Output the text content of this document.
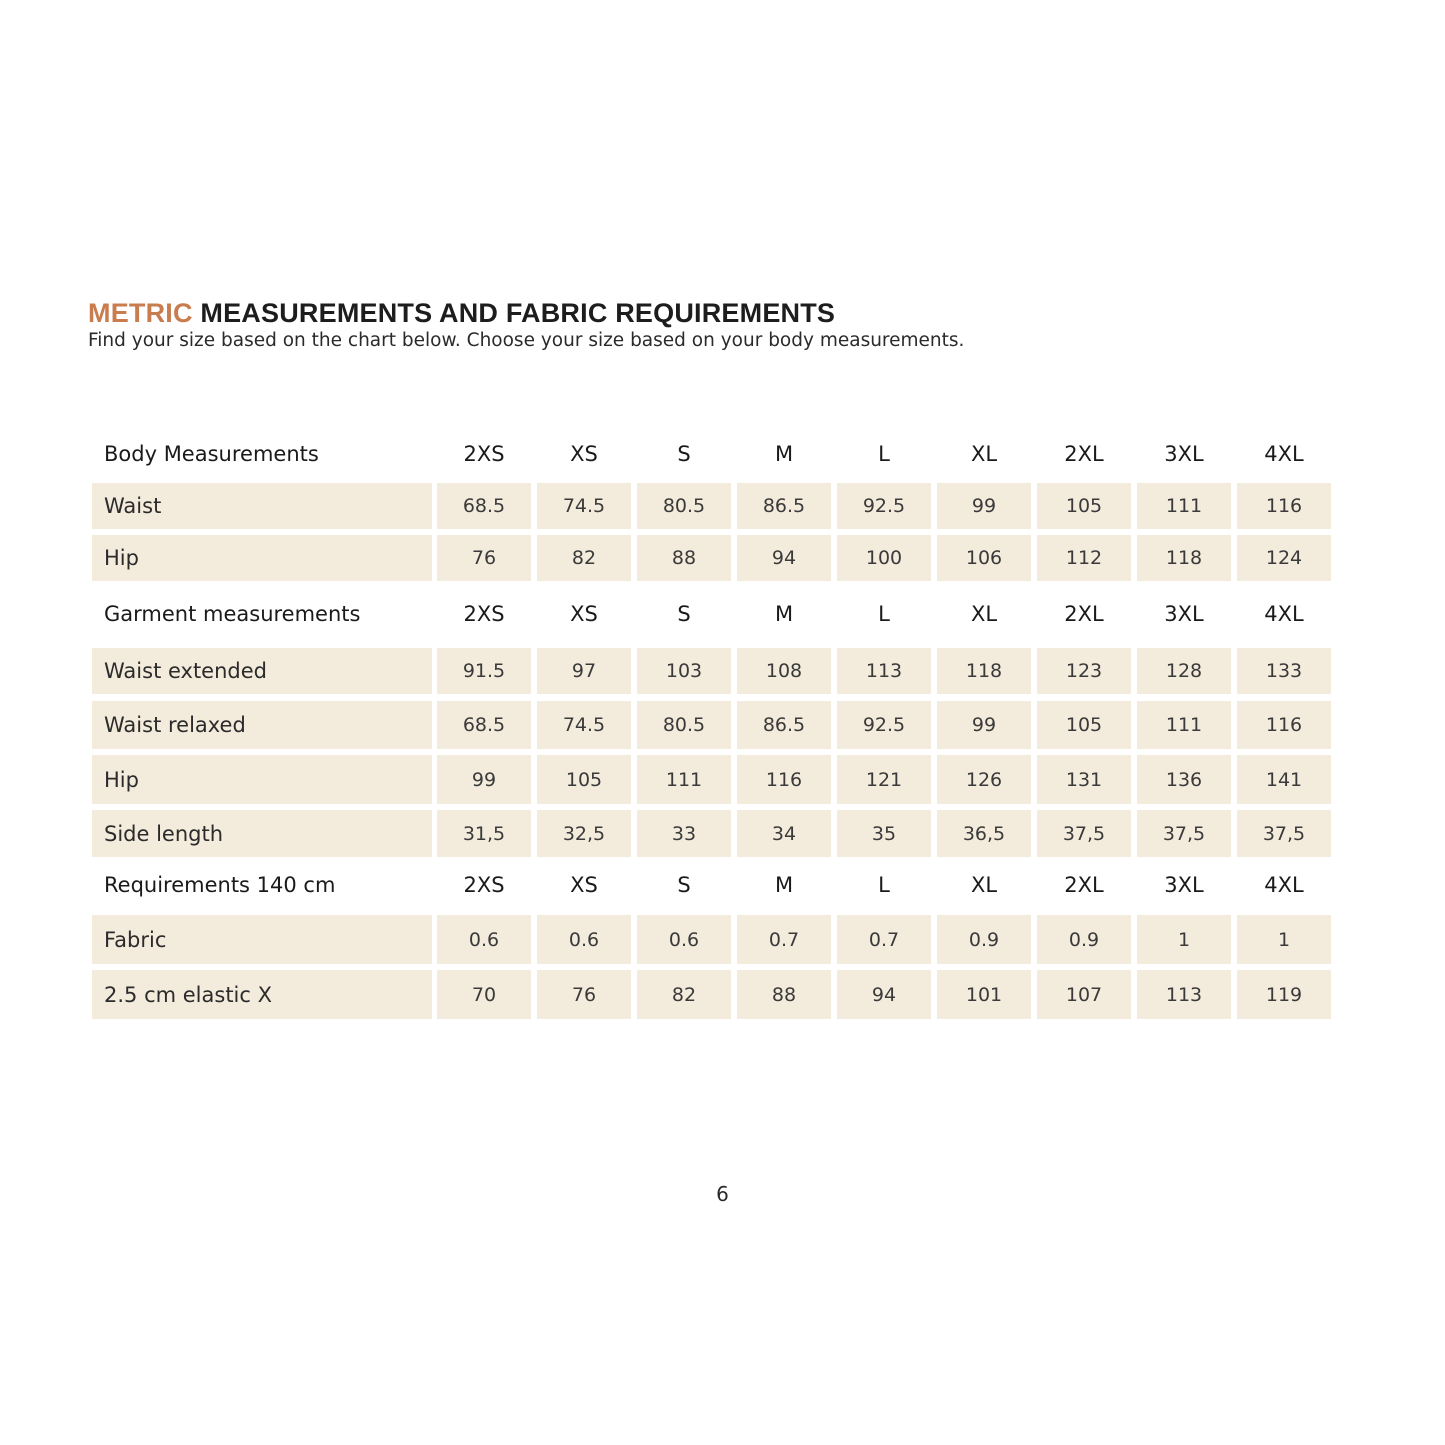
METRIC MEASUREMENTS AND FABRIC REQUIREMENTS
Find your size based on the chart below. Choose your size based on your body measurements.
Body Measurements	2XS	XS	S	M	L	XL	2XL	3XL	4XL
Waist	68.5	74.5	80.5	86.5	92.5	99	105	111	116
Hip	76	82	88	94	100	106	112	118	124
Garment measurements	2XS	XS	S	M	L	XL	2XL	3XL	4XL
Waist extended	91.5	97	103	108	113	118	123	128	133
Waist relaxed	68.5	74.5	80.5	86.5	92.5	99	105	111	116
Hip	99	105	111	116	121	126	131	136	141
Side length	31,5	32,5	33	34	35	36,5	37,5	37,5	37,5
Requirements 140 cm	2XS	XS	S	M	L	XL	2XL	3XL	4XL
Fabric	0.6	0.6	0.6	0.7	0.7	0.9	0.9	1	1
2.5 cm elastic X	70	76	82	88	94	101	107	113	119
6
